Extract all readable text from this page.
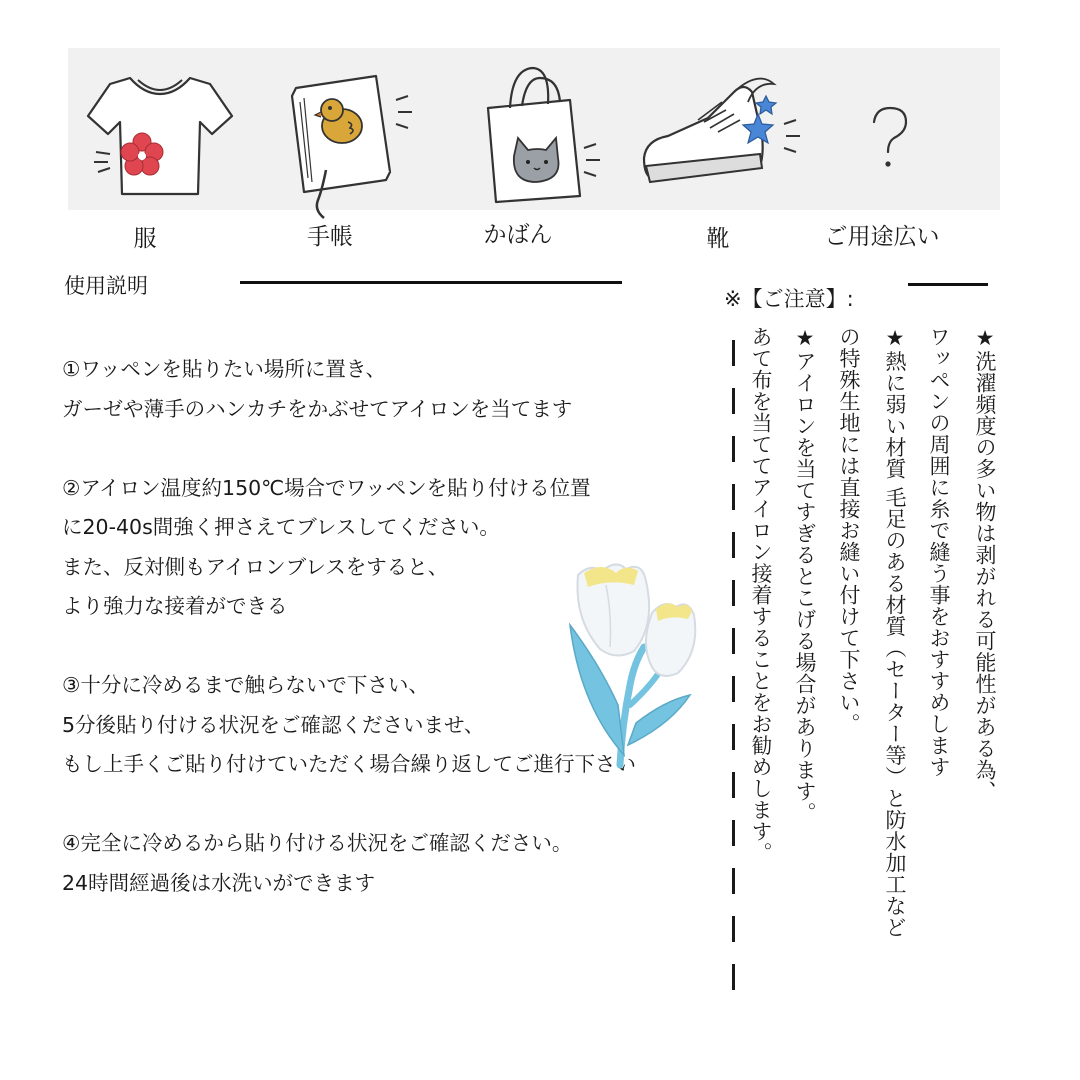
服	手帳	かばん	靴	ご用途広い
使用説明
※【ご注意】:

①ワッペンを貼りたい場所に置き、

ガーゼや薄手のハンカチをかぶせてアイロンを当てます

②アイロン温度約150℃場合でワッペンを貼り付ける位置

に20-40s間強く押さえてブレスしてください。

また、反対側もアイロンブレスをすると、

より強力な接着ができる

③十分に冷めるまで触らないで下さい、

5分後貼り付ける状況をご確認くださいませ、

もし上手くご貼り付けていただく場合繰り返してご進行下さい

④完全に冷めるから貼り付ける状況をご確認ください。

24時間經過後は水洗いができます

★洗濯頻度の多い物は剥がれる可能性がある為、
ワッペンの周囲に糸で縫う事をおすすめします
★熱に弱い材質 毛足のある材質（セーター等）と防水加工など
の特殊生地には直接お縫い付けて下さい。
★アイロンを当てすぎるとこげる場合があります。
あて布を当ててアイロン接着することをお勧めします。
